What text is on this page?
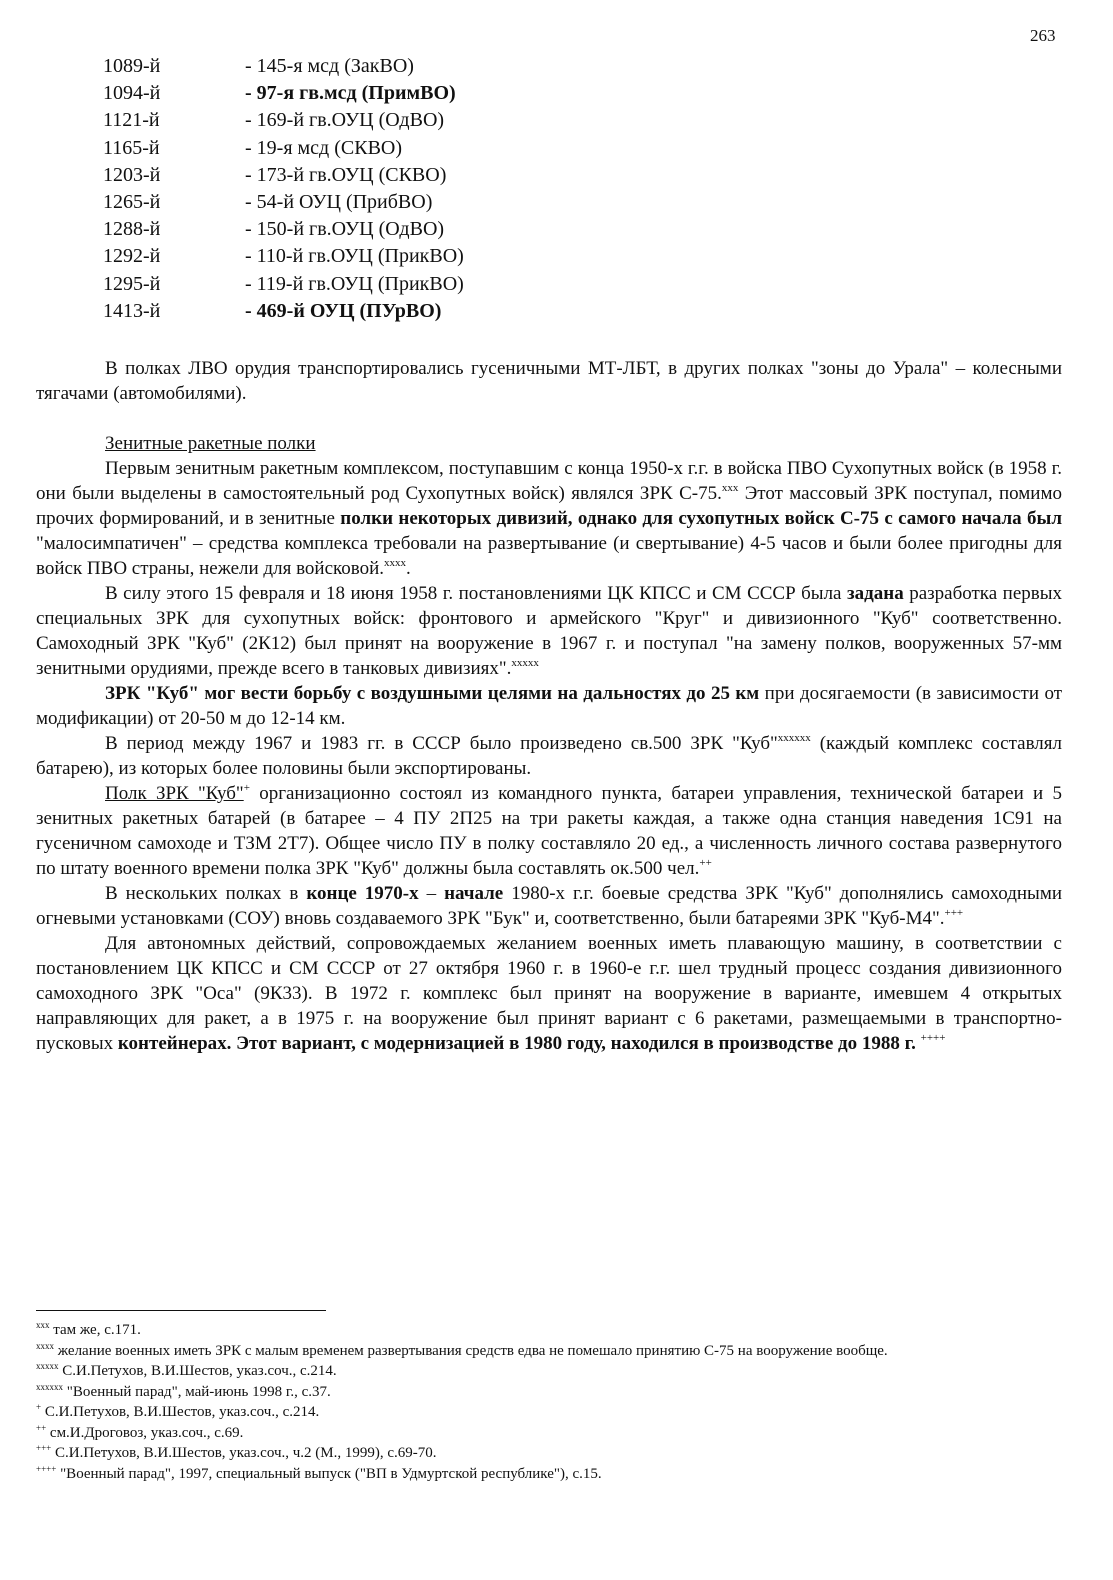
263
1089-й	- 145-я мсд (ЗакВО)
1094-й	- 97-я гв.мсд (ПримВО)
1121-й	- 169-й гв.ОУЦ (ОдВО)
1165-й	- 19-я мсд (СКВО)
1203-й	- 173-й гв.ОУЦ (СКВО)
1265-й	- 54-й ОУЦ (ПрибВО)
1288-й	- 150-й гв.ОУЦ (ОдВО)
1292-й	- 110-й гв.ОУЦ (ПрикВО)
1295-й	- 119-й гв.ОУЦ (ПрикВО)
1413-й	- 469-й ОУЦ (ПУрВО)

В полках ЛВО орудия транспортировались гусеничными МТ-ЛБТ, в других полках "зоны до Урала" – колесными тягачами (автомобилями).

Зенитные ракетные полки

Первым зенитным ракетным комплексом, поступавшим с конца 1950-х г.г. в войска ПВО Сухопутных войск (в 1958 г. они были выделены в самостоятельный род Сухопутных войск) являлся ЗРК С-75.$^{ххх}$ Этот массовый ЗРК поступал, помимо прочих формирований, и в зенитные полки некоторых дивизий, однако для сухопутных войск С-75 с самого начала был "малосимпатичен" – средства комплекса требовали на развертывание (и свертывание) 4-5 часов и были более пригодны для войск ПВО страны, нежели для войсковой.$^{хххх}$.

В силу этого 15 февраля и 18 июня 1958 г. постановлениями ЦК КПСС и СМ СССР была задана разработка первых специальных ЗРК для сухопутных войск: фронтового и армейского "Круг" и дивизионного "Куб" соответственно. Самоходный ЗРК "Куб" (2К12) был принят на вооружение в 1967 г. и поступал "на замену полков, вооруженных 57-мм зенитными орудиями, прежде всего в танковых дивизиях".$^{ххххх}$

ЗРК "Куб" мог вести борьбу с воздушными целями на дальностях до 25 км при досягаемости (в зависимости от модификации) от 20-50 м до 12-14 км.

В период между 1967 и 1983 гг. в СССР было произведено св.500 ЗРК "Куб"$^{хххххх}$ (каждый комплекс составлял батарею), из которых более половины были экспортированы.

Полк ЗРК "Куб"+ организационно состоял из командного пункта, батареи управления, технической батареи и 5 зенитных ракетных батарей (в батарее – 4 ПУ 2П25 на три ракеты каждая, а также одна станция наведения 1С91 на гусеничном самоходе и ТЗМ 2Т7). Общее число ПУ в полку составляло 20 ед., а численность личного состава развернутого по штату военного времени полка ЗРК "Куб" должны была составлять ок.500 чел.++

В нескольких полках в конце 1970-х – начале 1980-х г.г. боевые средства ЗРК "Куб" дополнялись самоходными огневыми установками (СОУ) вновь создаваемого ЗРК "Бук" и, соответственно, были батареями ЗРК "Куб-М4".+++

Для автономных действий, сопровождаемых желанием военных иметь плавающую машину, в соответствии с постановлением ЦК КПСС и СМ СССР от 27 октября 1960 г. в 1960-е г.г. шел трудный процесс создания дивизионного самоходного ЗРК "Оса" (9К33). В 1972 г. комплекс был принят на вооружение в варианте, имевшем 4 открытых направляющих для ракет, а в 1975 г. на вооружение был принят вариант с 6 ракетами, размещаемыми в транспортно-пусковых контейнерах. Этот вариант, с модернизацией в 1980 году, находился в производстве до 1988 г. ++++

$^{ххх}$ там же, с.171.

$^{хххх}$ желание военных иметь ЗРК с малым временем развертывания средств едва не помешало принятию С-75 на вооружение вообще.

$^{ххххх}$ С.И.Петухов, В.И.Шестов, указ.соч., с.214.

$^{хххххх}$ "Военный парад", май-июнь 1998 г., с.37.

+ С.И.Петухов, В.И.Шестов, указ.соч., с.214.

++ см.И.Дроговоз, указ.соч., с.69.

+++ С.И.Петухов, В.И.Шестов, указ.соч., ч.2 (М., 1999), с.69-70.

++++ "Военный парад", 1997, специальный выпуск ("ВП в Удмуртской республике"), с.15.
